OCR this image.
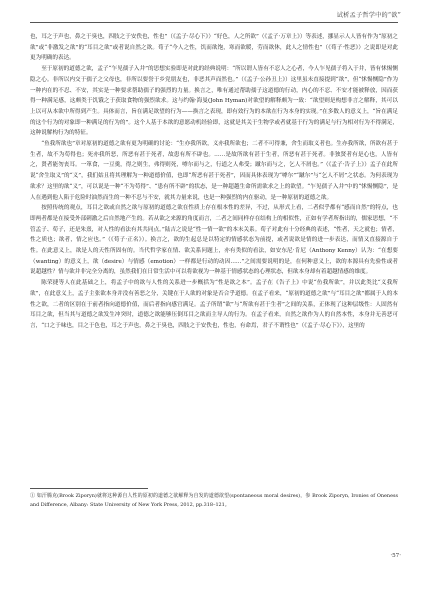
试析孟子哲学中的“欲”

也，耳之于声也，鼻之于臭也，四肢之于安佚也，性也”（《孟子·尽心下》）“好色，人之所欲”（《孟子·万章上》）等表述，挪显示人人皆有作为“原初之欲”或“非激发之欲”的“耳目之欲”或者说自然之欲。荀子“今人之性，饥而欲饱，寒而欲暖，劳而欲休，此人之情性也”（《荀子·性恶》）之说即是对此更为明确的表达。

至于原初的道德之欲，孟子“乍见孺子入井”的思想实验即是对此的经典说明：“所以谓人皆有不忍人之心者，今人乍见孺子将入于井，皆有怵惕恻隐之心。非所以内交于孺子之父母也，非所以要誉于乡党朋友也，非恶其声而然也。”（《孟子·公孙丑上》）这里虽未直接提到“欲”，但“怵惕恻隐”作为一种内在的不忍、不安，其实是一种要求帮助孺子的强烈的力量。换言之，唯有通过帮助孺子这道德的行动，内心的不忍、不安才能被释放，因而获得一种满足感，这颇类于饥饿之于获取食物的强烈欲求。这与约翰·海曼(John Hyman)对欲望的解释颇为一致：“欲望则是构想非言之解释，其可以上以可从本欲中所得到产生。具体而言，旨在满足欲望的行为——换言之表现，即有效行为的本欲在行为本身的实现。”在多数人的意义上，“旨在满足的这个行为的对象即一种满足的行为的”。这个人基于本欲的意愿动机经验即，这就是其关于生物学或者就基于行为的满足与行为相对行为不得满足，这种说解构行为的特征。

“鱼我所欲也”章对原初的道德之欲有更为明确的讨论：“生亦我所欲，义亦我所欲也；二者不可得兼，舍生而取义者也。生亦我所欲，所欲有甚于生者，故不为苟得也；死亦我所恶，所恶有甚于死者，故患有所不辟也。……是故所欲有甚于生者，所恶有甚于死者。非独贤者有是心也，人皆有之，贤者能勿丧耳。一箪食，一豆羹，得之则生，弗得则死，嘑尔而与之，行道之人弗受；蹴尔而与之，乞人不屑也。”（《孟子·告子上》）孟子在此所说“舍生取义”的“义”，我们姑且将其理解为一种道德价值，也即“所恶有甚于死者”，因而具体表现为“嘑尔”“蹴尔”与“乞人不屑”之状态。为何表现为欲求？这里的欲“义”，可以说是一种“不为苟得”、“患有所不辟”的状态，是一种超越生命所需欲求之上的欲望。“乍见孺子入井”中的“怵惕恻隐”，是人在遇到他人陷于危险时油然而生的一种不忍与不安，就其力量来说，也是一种强烈的内在驱动，是一种原初的道德之欲。

按照传统的观点，耳目之欲或自然之欲与原初的道德之欲在性质上存在根本性的差异，不过，从形式上看，二者似乎都有“感而自然”的特点，也即两者都是在接受外部刺激之后自然地产生的。若从欲之来源的角度而言，二者之间同样存在结构上的相似性，正如有学者所指出的，儒家思想，“不管孟子、荀子，还是朱熹，对人性的看法有其共同点。”陆吉之说是“性一情一欲”的本末关系。荀子对此有十分经典的表述，“性者，天之就也；情者，性之质也；欲者，情之应也。”（《荀子·正名》）。换言之，欲的生起总是以特定的情感状态为前提，或者说欲是情的进一步表达，而情又直接源自于性。在此意义上，欲是人的天性所固有的。当代哲学家在情、欲关系问题上，亦有类似的看法，如安东尼·肯尼（Anthony Kenny）认为：“在想要（wanting）的意义上，欲（desire）与情感（emotion）一样都是行动的动因……”之间需要说明的是，在何种意义上，欲的本源具有先验性或者说超越性？情与欲并非完全分离的，虽然我们在日常生活中可以将欲视为一种基于情感状态的心理状态，但欲本身却有着超越情感的维度。

陈荣捷等人在此基础之上，将孟子中的欲与人性的关系进一步概括为“性是欲之本”。孟子在《告子上》中说“鱼我所欲”，并以此类比“义我所欲”，在此意义上，孟子主张欲本身并没有善恶之分，关键在于人欲的对象是否合乎道德。在孟子看来，“原初的道德之欲”与“耳目之欲”都属于人的本性之欲，二者的区别在于前者指向道德价值，而后者指向感官满足。孟子所谓“欲”与“所欲有甚于生者”之间的关系，正体现了这种层级性：人固然有耳目之欲，但当其与道德之欲发生冲突时，道德之欲能够压倒耳目之欲而主导人的行为。在孟子看来，自然之欲作为人的自然本性，本身并无善恶可言，“口之于味也，目之于色也，耳之于声也，鼻之于臭也，四肢之于安佚也，性也，有命焉，君子不谓性也”（《孟子·尽心下》），这里的

① 如汗腾克(Brook Ziporyn)就将这种源自人性的原初的道德之欲解释为自发的道德欲望(spontaneous moral desires)，参 Brook Ziporyn, Ironies of Oneness and Difference, Albany: State University of New York Press, 2012, pp.318–121。
·57·
